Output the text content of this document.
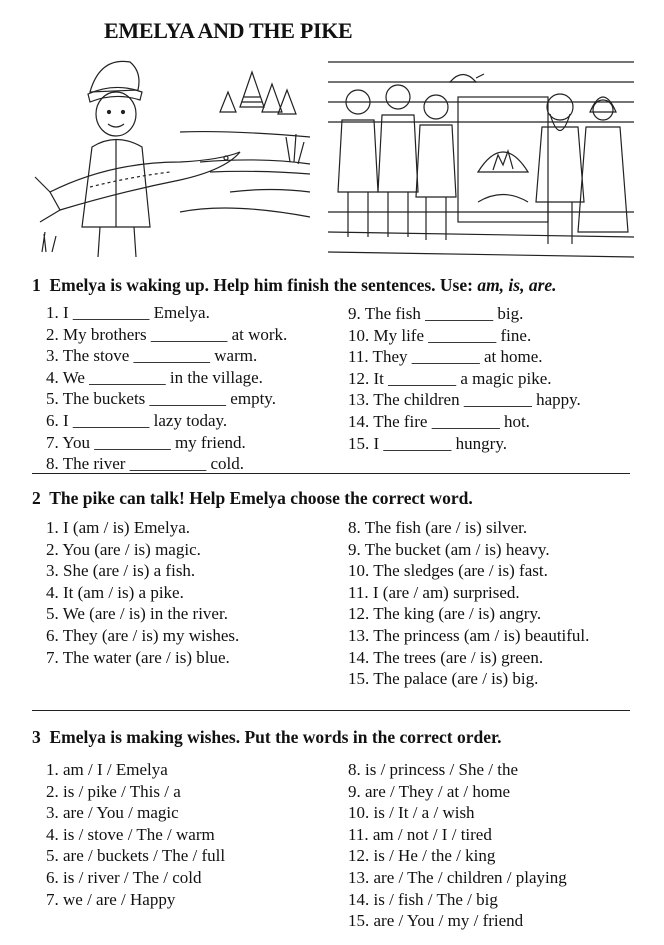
EMELYA AND THE PIKE
1 Emelya is waking up. Help him finish the sentences. Use: am, is, are.
1. I _________ Emelya.
2. My brothers _________ at work.
3. The stove _________ warm.
4. We _________ in the village.
5. The buckets _________ empty.
6. I _________ lazy today.
7. You _________ my friend.
8. The river _________ cold.
9. The fish ________ big.
10. My life ________ fine.
11. They ________ at home.
12. It ________ a magic pike.
13. The children ________ happy.
14. The fire ________ hot.
15. I ________ hungry.
2 The pike can talk! Help Emelya choose the correct word.
1. I (am / is) Emelya.
2. You (are / is) magic.
3. She (are / is) a fish.
4. It (am / is) a pike.
5. We (are / is) in the river.
6. They (are / is) my wishes.
7. The water (are / is) blue.
8. The fish (are / is) silver.
9. The bucket (am / is) heavy.
10. The sledges (are / is) fast.
11. I (are / am) surprised.
12. The king (are / is) angry.
13. The princess (am / is) beautiful.
14. The trees (are / is) green.
15. The palace (are / is) big.
3 Emelya is making wishes. Put the words in the correct order.
1. am / I / Emelya
2. is / pike / This / a
3. are / You / magic
4. is / stove / The / warm
5. are / buckets / The / full
6. is / river / The / cold
7. we / are / Happy
8. is / princess / She / the
9. are / They / at / home
10. is / It / a / wish
11. am / not / I / tired
12. is / He / the / king
13. are / The / children / playing
14. is / fish / The / big
15. are / You / my / friend
